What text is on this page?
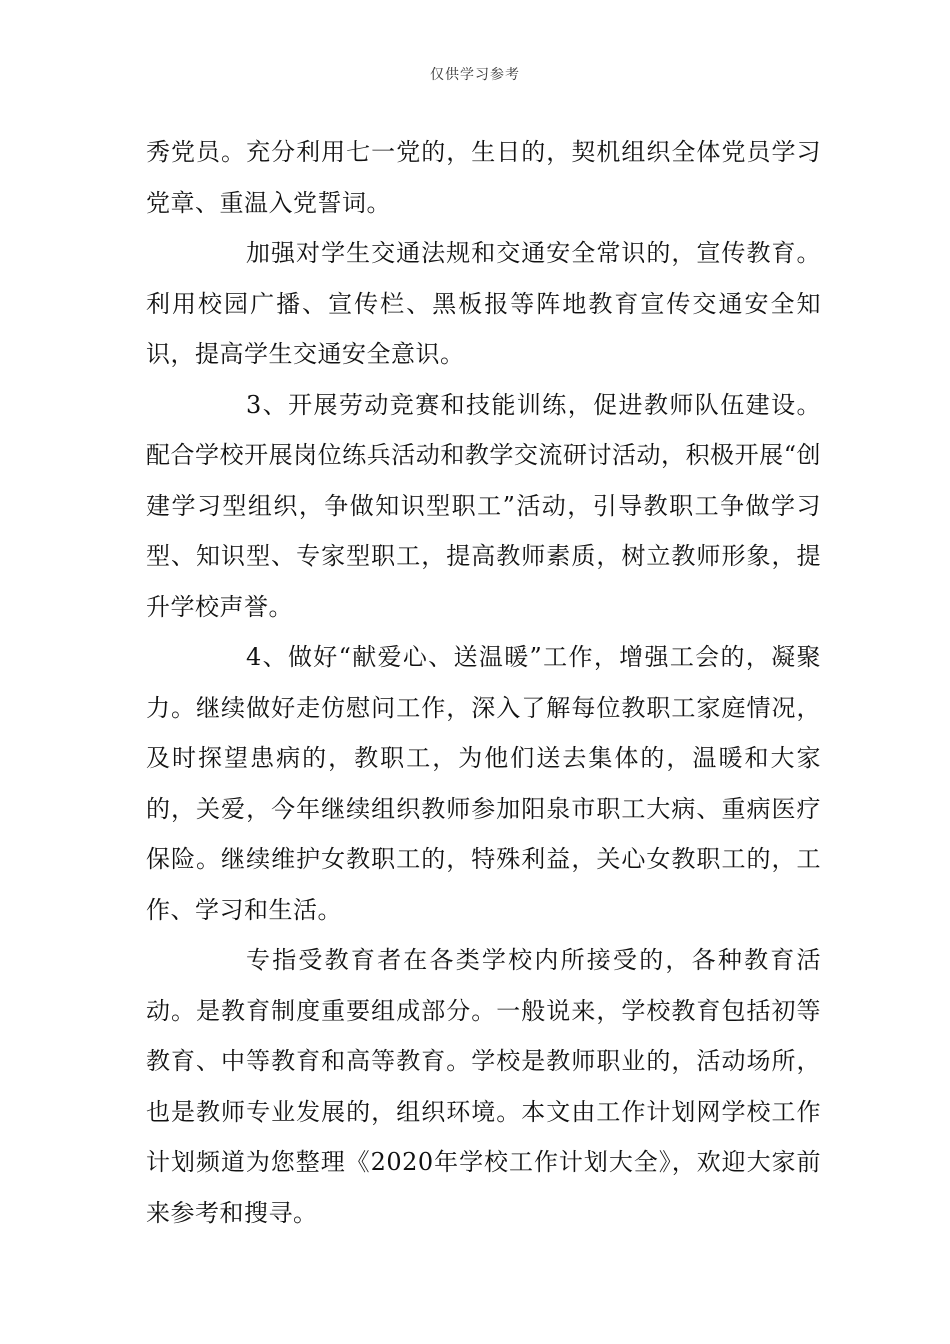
仅供学习参考

秀党员。充分利用七一党的，生日的，契机组织全体党员学习党章、重温入党誓词。

加强对学生交通法规和交通安全常识的，宣传教育。利用校园广播、宣传栏、黑板报等阵地教育宣传交通安全知识，提高学生交通安全意识。

3、开展劳动竞赛和技能训练，促进教师队伍建设。配合学校开展岗位练兵活动和教学交流研讨活动，积极开展“创建学习型组织，争做知识型职工”活动，引导教职工争做学习型、知识型、专家型职工，提高教师素质，树立教师形象，提升学校声誉。

4、做好“献爱心、送温暖”工作，增强工会的，凝聚力。继续做好走仿慰问工作，深入了解每位教职工家庭情况，及时探望患病的，教职工，为他们送去集体的，温暖和大家的，关爱，今年继续组织教师参加阳泉市职工大病、重病医疗保险。继续维护女教职工的，特殊利益，关心女教职工的，工作、学习和生活。

专指受教育者在各类学校内所接受的，各种教育活动。是教育制度重要组成部分。一般说来，学校教育包括初等教育、中等教育和高等教育。学校是教师职业的，活动场所，也是教师专业发展的，组织环境。本文由工作计划网学校工作计划频道为您整理《2020年学校工作计划大全》，欢迎大家前来参考和搜寻。
